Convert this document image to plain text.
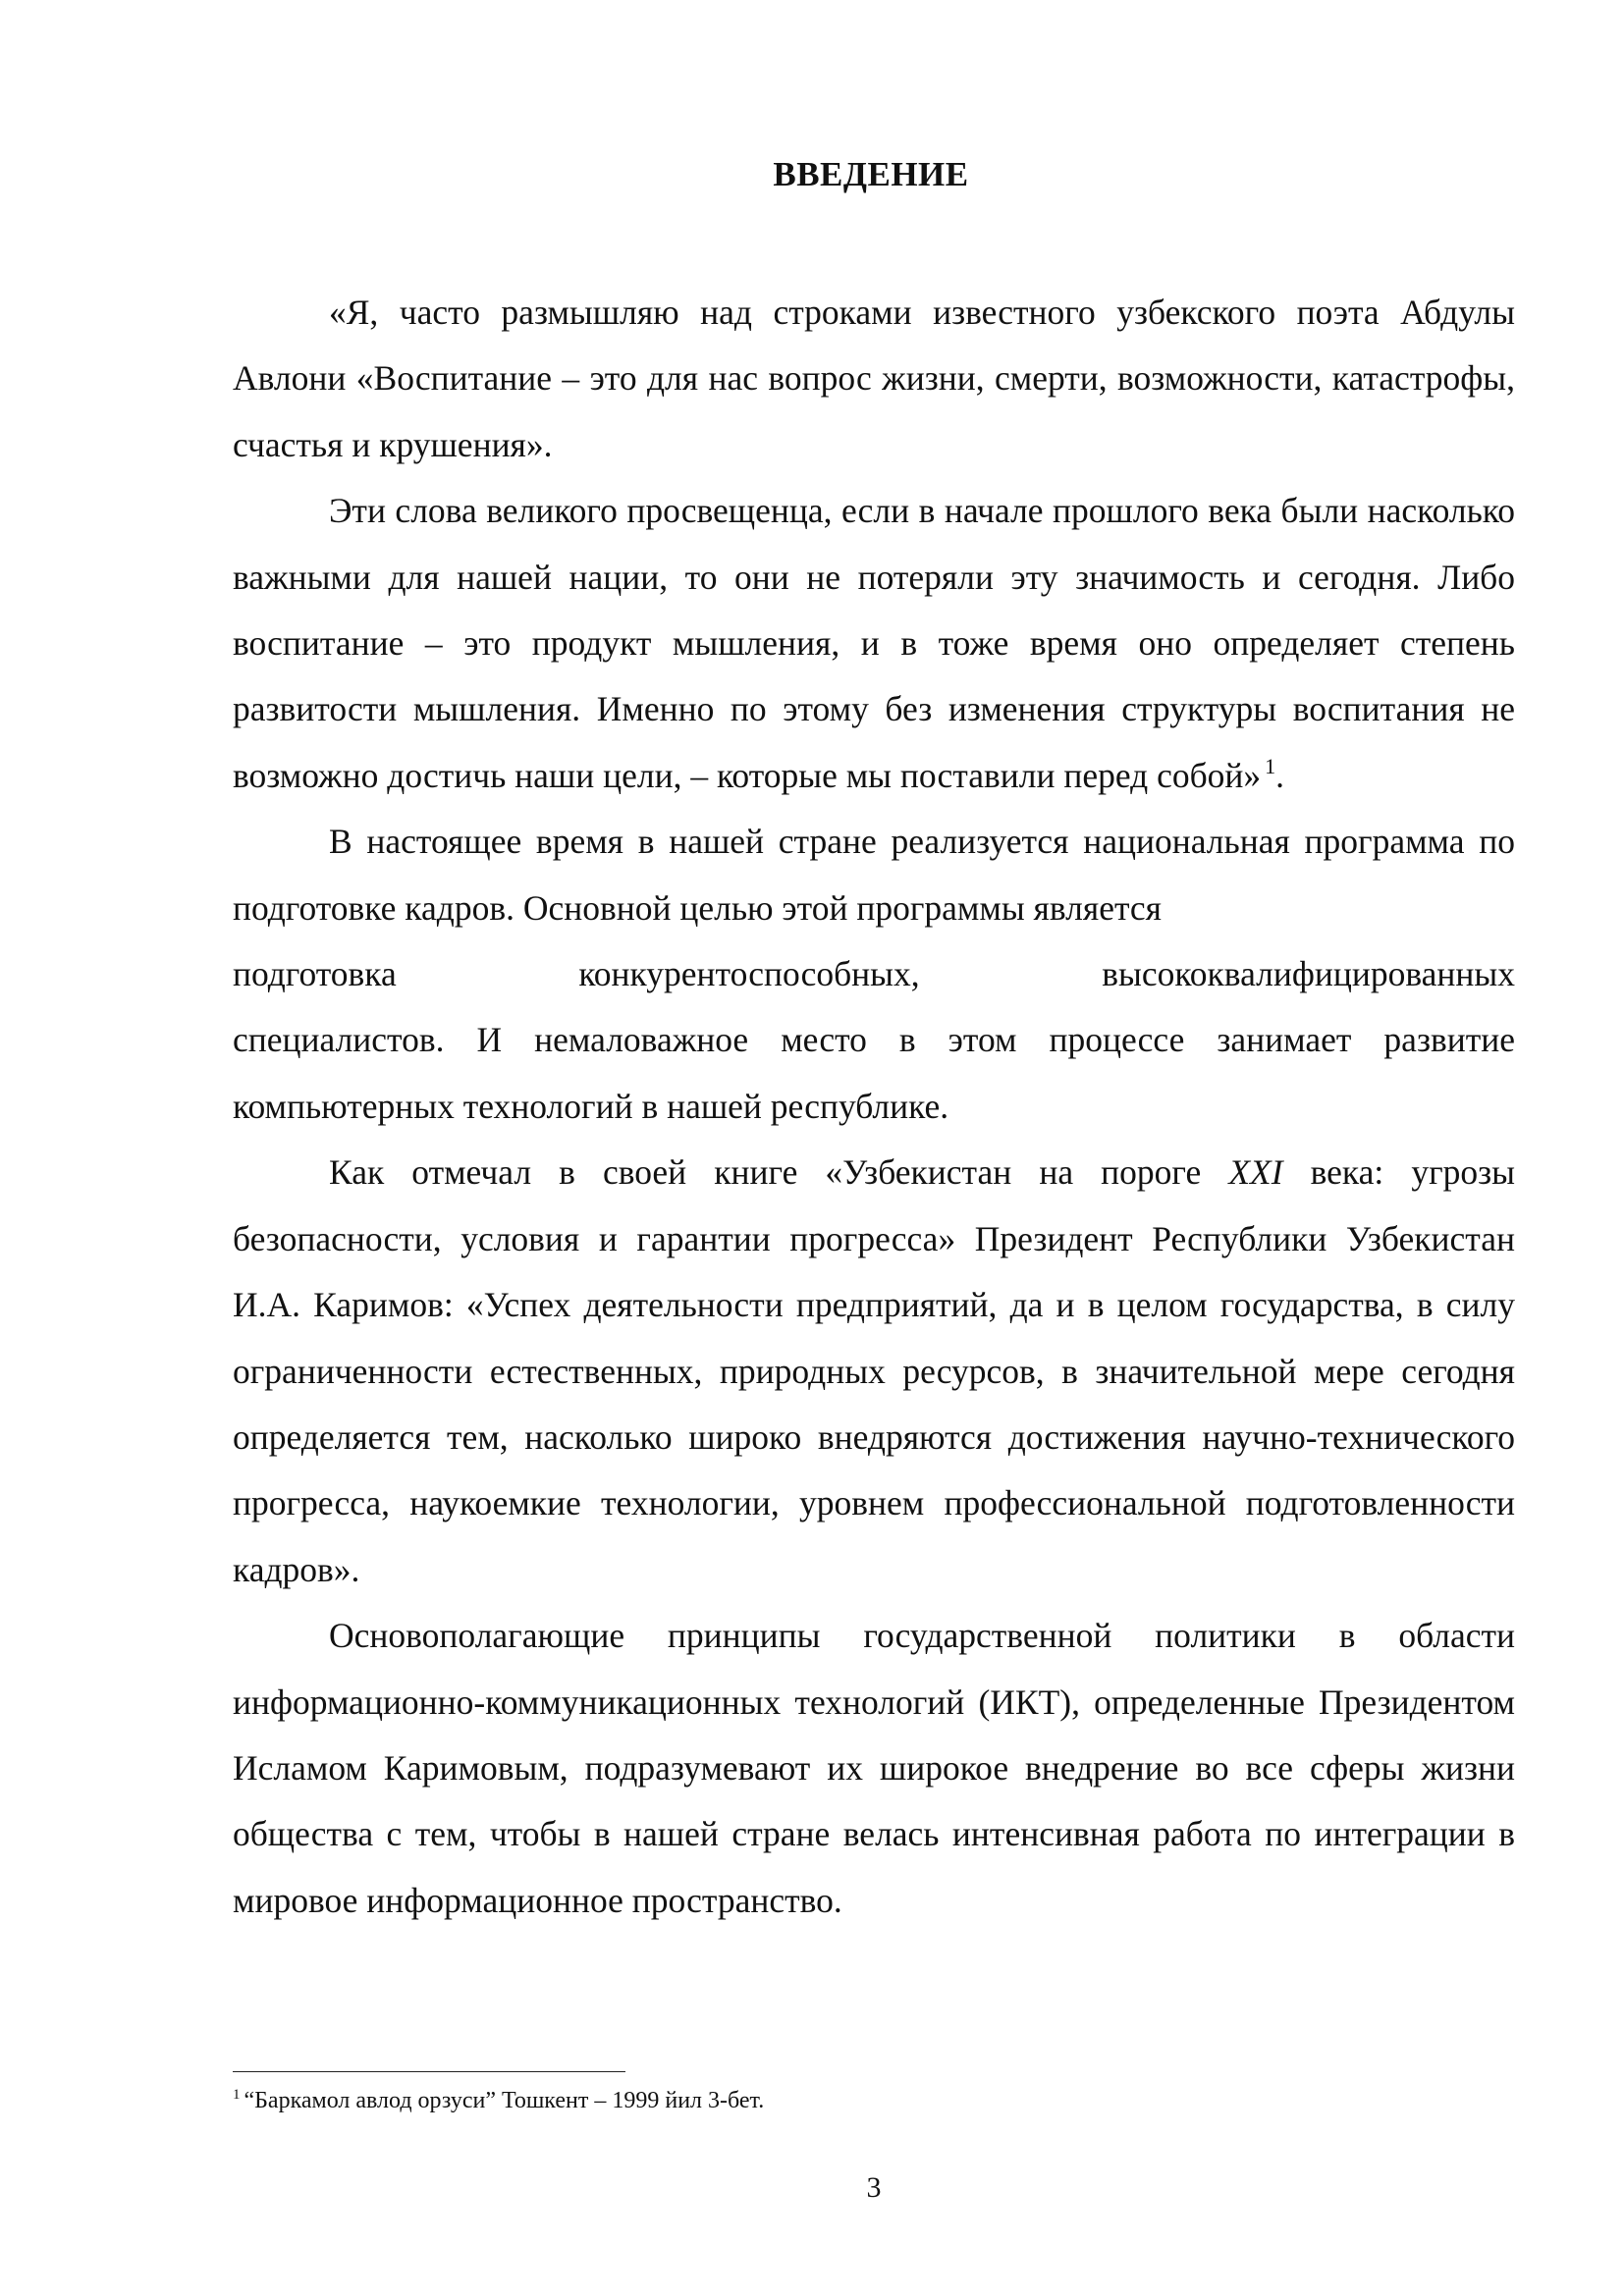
ВВЕДЕНИЕ

«Я, часто размышляю над строками известного узбекского поэта Абдулы Авлони «Воспитание – это для нас вопрос жизни, смерти, возможности, катастрофы, счастья и крушения».

Эти слова великого просвещенца, если в начале прошлого века были насколько важными для нашей нации, то они не потеряли эту значимость и сегодня. Либо воспитание – это продукт мышления, и в тоже время оно определяет степень развитости мышления. Именно по этому без изменения структуры воспитания не возможно достичь наши цели, – которые мы поставили перед собой» $^1$.

В настоящее время в нашей стране реализуется национальная программа по подготовке кадров. Основной целью этой программы является

подготовка конкурентоспособных, высококвалифицированных
специалистов. И немаловажное место в этом процессе занимает развитие компьютерных технологий в нашей республике.

Как отмечал в своей книге «Узбекистан на пороге XXI века: угрозы безопасности, условия и гарантии прогресса» Президент Республики Узбекистан И.А. Каримов: «Успех деятельности предприятий, да и в целом государства, в силу ограниченности естественных, природных ресурсов, в значительной мере сегодня определяется тем, насколько широко внедряются достижения научно-технического прогресса, наукоемкие технологии, уровнем профессиональной подготовленности кадров».

Основополагающие принципы государственной политики в области информационно-коммуникационных технологий (ИКТ), определенные Президентом Исламом Каримовым, подразумевают их широкое внедрение во все сферы жизни общества с тем, чтобы в нашей стране велась интенсивная работа по интеграции в мировое информационное пространство.

$^1$ “Баркамол авлод орзуси” Тошкент – 1999 йил 3-бет.
3
